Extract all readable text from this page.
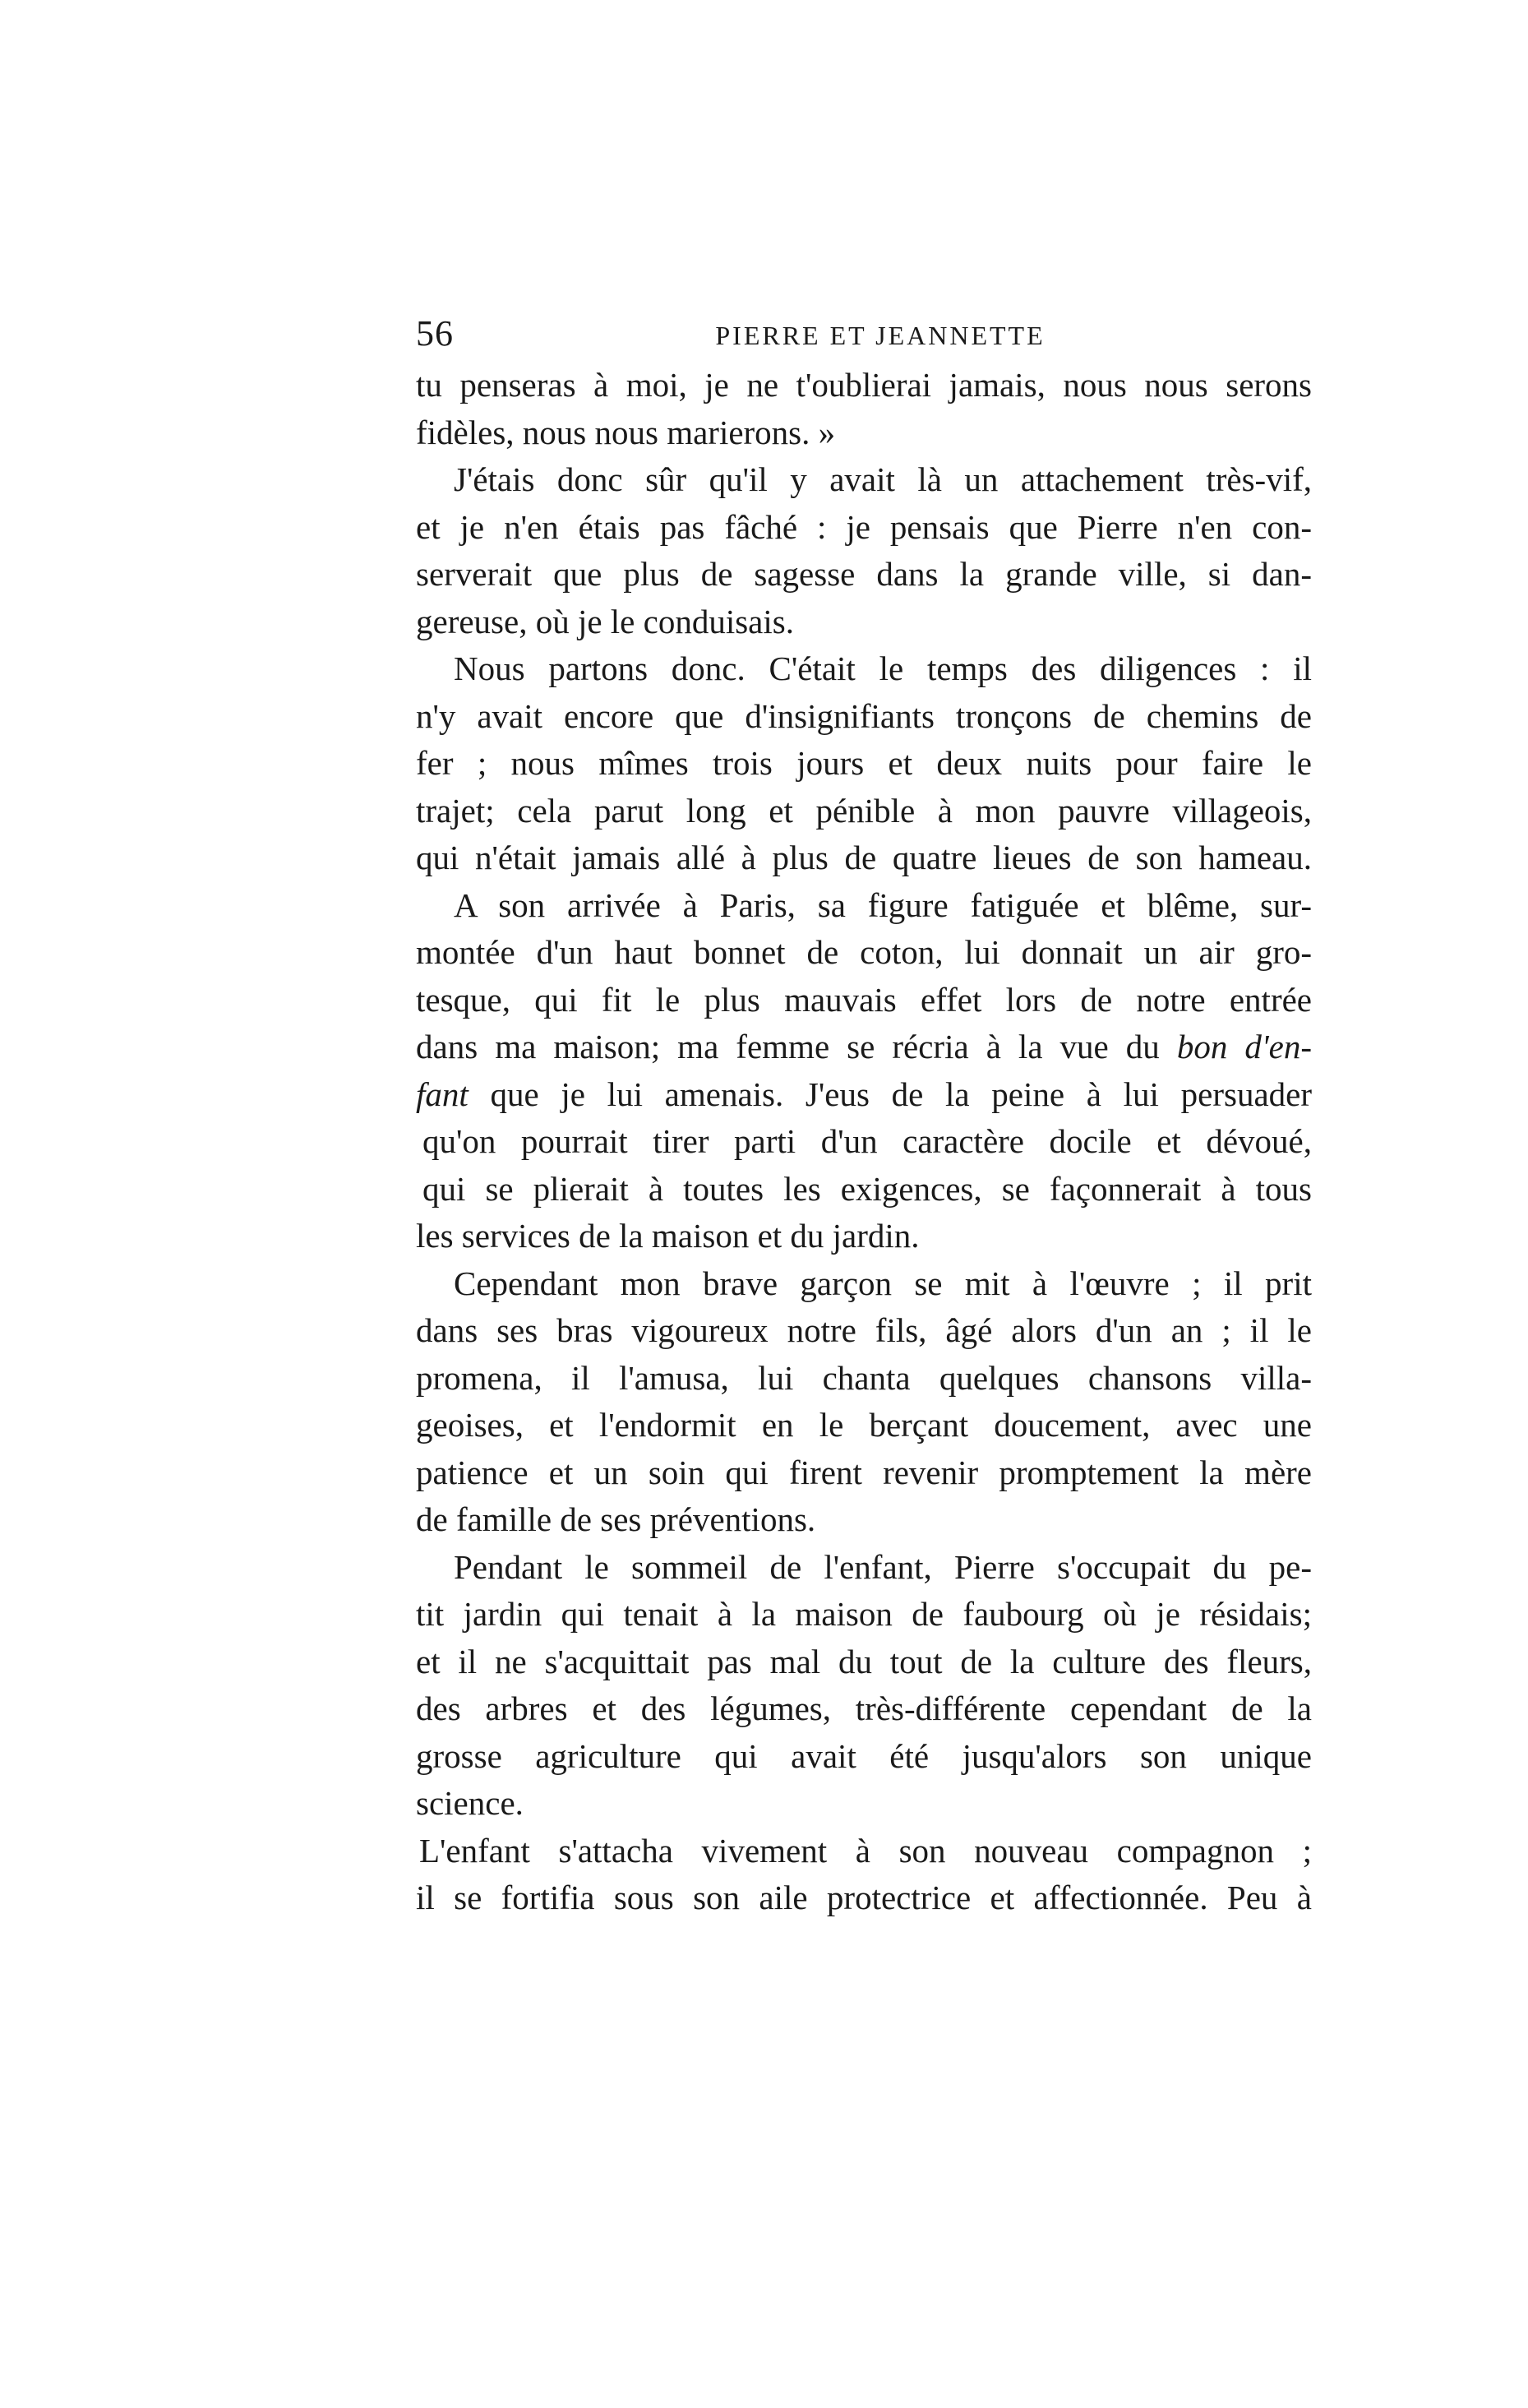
56	PIERRE ET JEANNETTE
tu penseras à moi, je ne t'oublierai jamais, nous nous serons
fidèles, nous nous marierons. »
J'étais donc sûr qu'il y avait là un attachement très-vif,
et je n'en étais pas fâché : je pensais que Pierre n'en con-
serverait que plus de sagesse dans la grande ville, si dan-
gereuse, où je le conduisais.
Nous partons donc. C'était le temps des diligences : il
n'y avait encore que d'insignifiants tronçons de chemins de
fer ; nous mîmes trois jours et deux nuits pour faire le
trajet; cela parut long et pénible à mon pauvre villageois,
qui n'était jamais allé à plus de quatre lieues de son hameau.
A son arrivée à Paris, sa figure fatiguée et blême, sur-
montée d'un haut bonnet de coton, lui donnait un air gro-
tesque, qui fit le plus mauvais effet lors de notre entrée
dans ma maison; ma femme se récria à la vue du bon d'en-
fant que je lui amenais. J'eus de la peine à lui persuader
qu'on pourrait tirer parti d'un caractère docile et dévoué,
qui se plierait à toutes les exigences, se façonnerait à tous
les services de la maison et du jardin.
Cependant mon brave garçon se mit à l'œuvre ; il prit
dans ses bras vigoureux notre fils, âgé alors d'un an ; il le
promena, il l'amusa, lui chanta quelques chansons villa-
geoises, et l'endormit en le berçant doucement, avec une
patience et un soin qui firent revenir promptement la mère
de famille de ses préventions.
Pendant le sommeil de l'enfant, Pierre s'occupait du pe-
tit jardin qui tenait à la maison de faubourg où je résidais;
et il ne s'acquittait pas mal du tout de la culture des fleurs,
des arbres et des légumes, très-différente cependant de la
grosse agriculture qui avait été jusqu'alors son unique
science.
L'enfant s'attacha vivement à son nouveau compagnon ;
il se fortifia sous son aile protectrice et affectionnée. Peu à
